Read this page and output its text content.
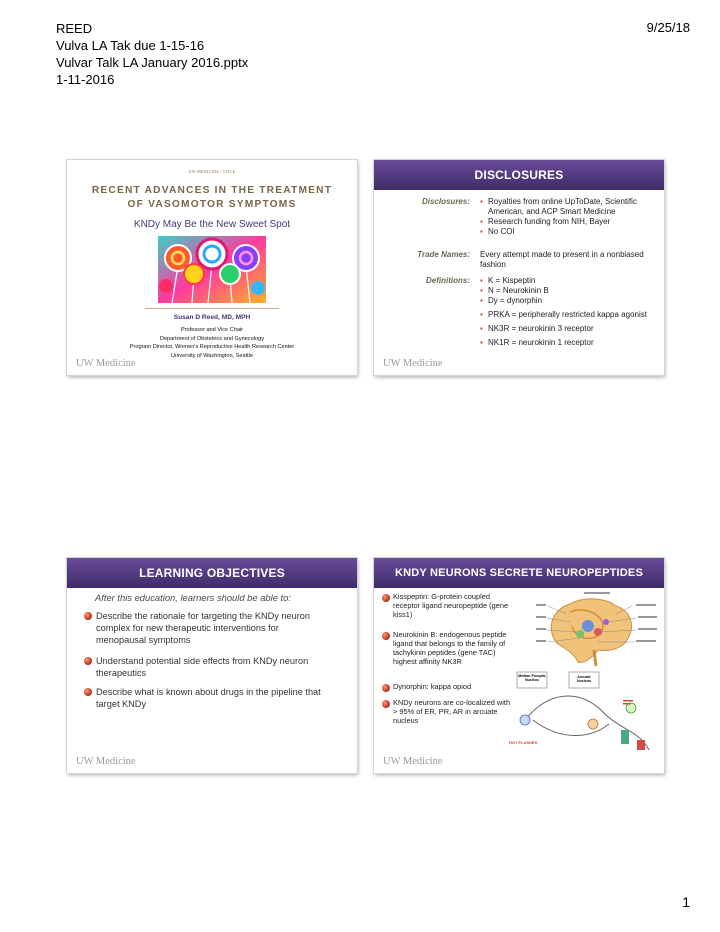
REED
Vulva LA Tak due 1-15-16
Vulvar Talk LA January 2016.pptx
1-11-2016
9/25/18
UW MEDICINE | TITLE
RECENT ADVANCES IN THE TREATMENT
OF VASOMOTOR SYMPTOMS
KNDy May Be the New Sweet Spot
Susan D Reed, MD, MPH
Professor and Vice Chair
Department of Obstetrics and Gynecology
Program Director, Women's Reproductive Health Research Center
University of Washington, Seattle
UW Medicine
DISCLOSURES
Disclosures: ▪ Royalties from online UpToDate, Scientific American, and ACP Smart Medicine
▪ Research funding from NIH, Bayer
▪ No COI
Trade Names: Every attempt made to present in a nonbiased fashion
Definitions: ▪ K = Kispeptin
▪ N = Neurokinin B
▪ Dy = dynorphin
▪ PRKA = peripherally restricted kappa agonist
▪ NK3R = neurokinin 3 receptor
▪ NK1R = neurokinin 1 receptor
UW Medicine
LEARNING OBJECTIVES
After this education, learners should be able to:
Describe the rationale for targeting the KNDy neuron complex for new therapeutic interventions for menopausal symptoms
Understand potential side effects from KNDy neuron therapeutics
Describe what is known about drugs in the pipeline that target KNDy
UW Medicine
KNDY NEURONS SECRETE NEUROPEPTIDES
Kisspeptin: G-protein coupled receptor ligand neuropeptide (gene kiss1)
Neurokinin B: endogenous peptide ligand that belongs to the family of tachykinin peptides (gene TAC) highest affinity NK3R
Dynorphin: kappa opiod
KNDy neurons are co-localized with > 95% of ER, PR, AR in arcuate nucleus
Median Preoptic Nucleus
Arcuate Nucleus
HOT FLUSHES
UW Medicine
1
